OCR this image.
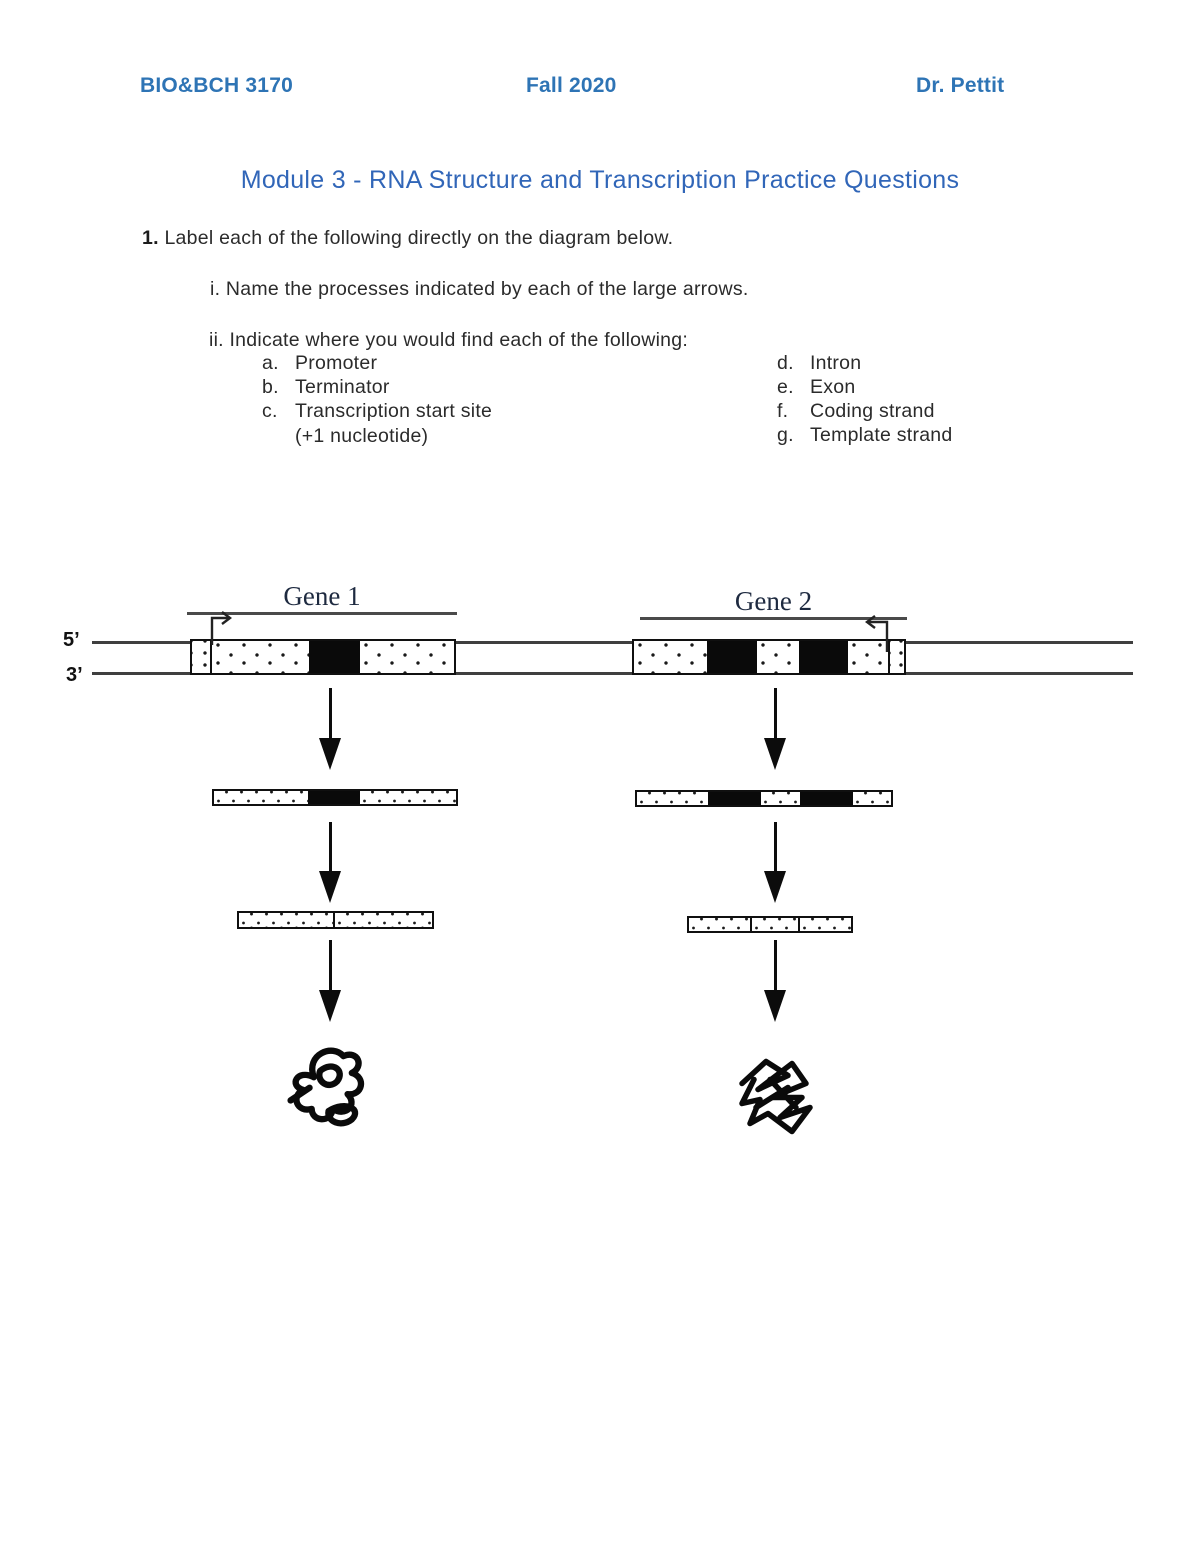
BIO&BCH 3170	Fall 2020	Dr. Pettit
Module 3 - RNA Structure and Transcription Practice Questions
1. Label each of the following directly on the diagram below.
i. Name the processes indicated by each of the large arrows.
ii. Indicate where you would find each of the following:
a. Promoter
b. Terminator
c. Transcription start site
(+1 nucleotide)
d. Intron
e. Exon
f. Coding strand
g. Template strand
Gene 1	Gene 2
5’
3’
